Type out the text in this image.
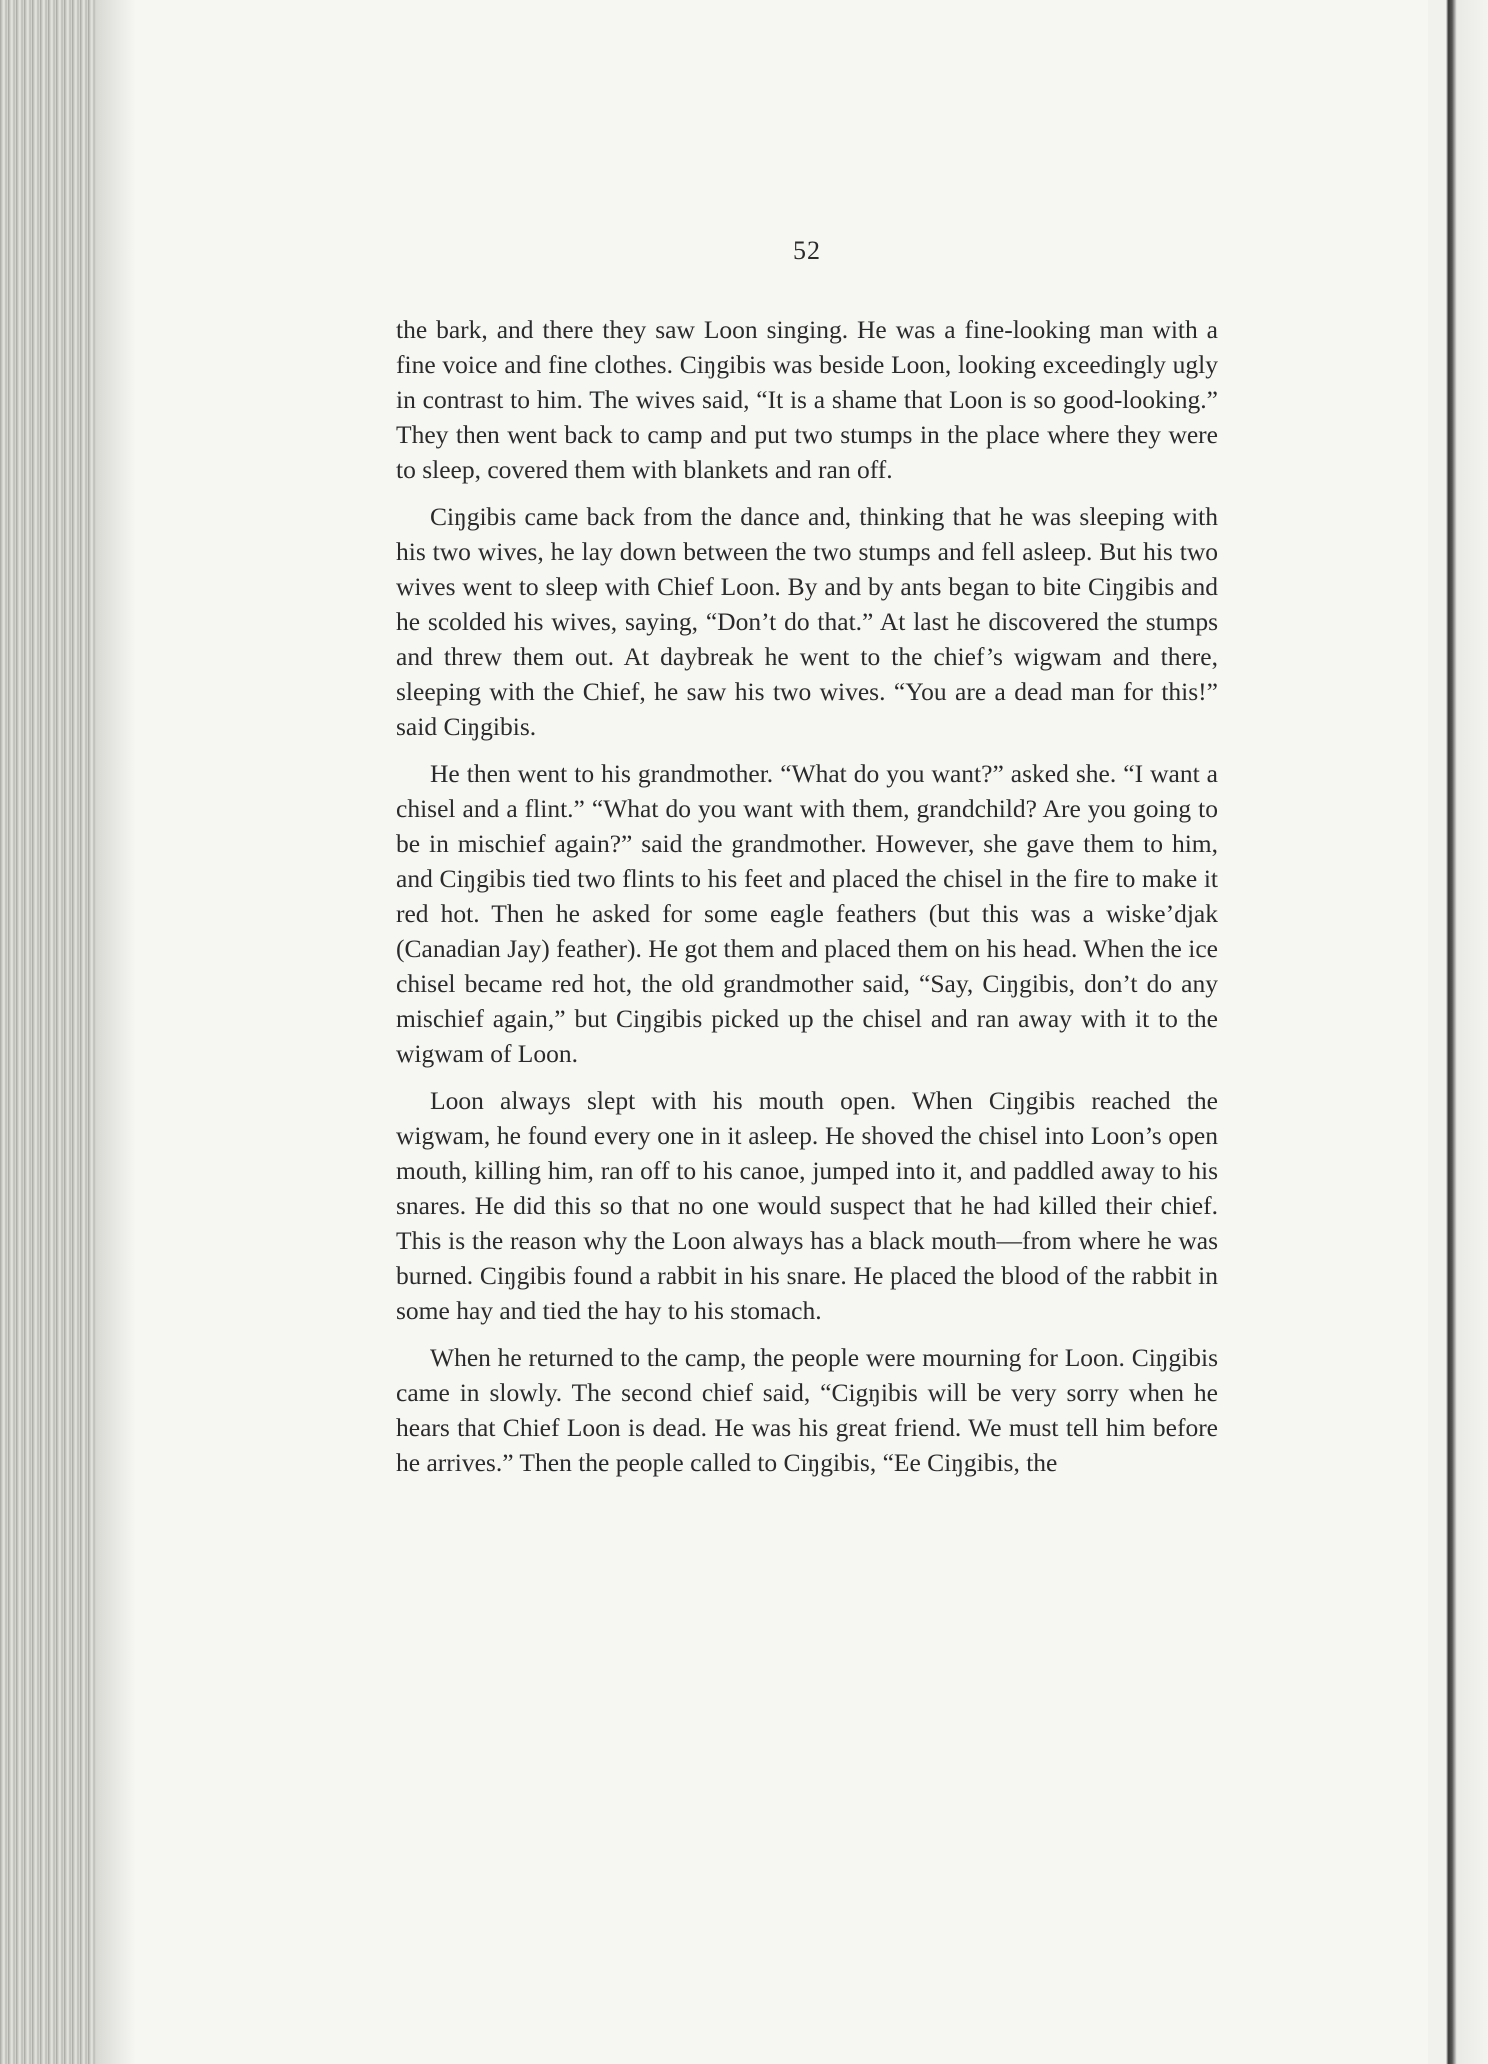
52

the bark, and there they saw Loon singing. He was a fine-looking man with a fine voice and fine clothes. Ciŋgibis was beside Loon, looking exceedingly ugly in contrast to him. The wives said, “It is a shame that Loon is so good-looking.” They then went back to camp and put two stumps in the place where they were to sleep, covered them with blankets and ran off.

Ciŋgibis came back from the dance and, thinking that he was sleeping with his two wives, he lay down between the two stumps and fell asleep. But his two wives went to sleep with Chief Loon. By and by ants began to bite Ciŋgibis and he scolded his wives, saying, “Don’t do that.” At last he discovered the stumps and threw them out. At daybreak he went to the chief’s wigwam and there, sleeping with the Chief, he saw his two wives. “You are a dead man for this!” said Ciŋgibis.

He then went to his grandmother. “What do you want?” asked she. “I want a chisel and a flint.” “What do you want with them, grandchild? Are you going to be in mischief again?” said the grandmother. However, she gave them to him, and Ciŋgibis tied two flints to his feet and placed the chisel in the fire to make it red hot. Then he asked for some eagle feathers (but this was a wiske’djak (Canadian Jay) feather). He got them and placed them on his head. When the ice chisel became red hot, the old grandmother said, “Say, Ciŋgibis, don’t do any mischief again,” but Ciŋgibis picked up the chisel and ran away with it to the wigwam of Loon.

Loon always slept with his mouth open. When Ciŋgibis reached the wigwam, he found every one in it asleep. He shoved the chisel into Loon’s open mouth, killing him, ran off to his canoe, jumped into it, and paddled away to his snares. He did this so that no one would suspect that he had killed their chief. This is the reason why the Loon always has a black mouth—from where he was burned. Ciŋgibis found a rabbit in his snare. He placed the blood of the rabbit in some hay and tied the hay to his stomach.

When he returned to the camp, the people were mourning for Loon. Ciŋgibis came in slowly. The second chief said, “Cigŋibis will be very sorry when he hears that Chief Loon is dead. He was his great friend. We must tell him before he arrives.” Then the people called to Ciŋgibis, “Ee Ciŋgibis, the
